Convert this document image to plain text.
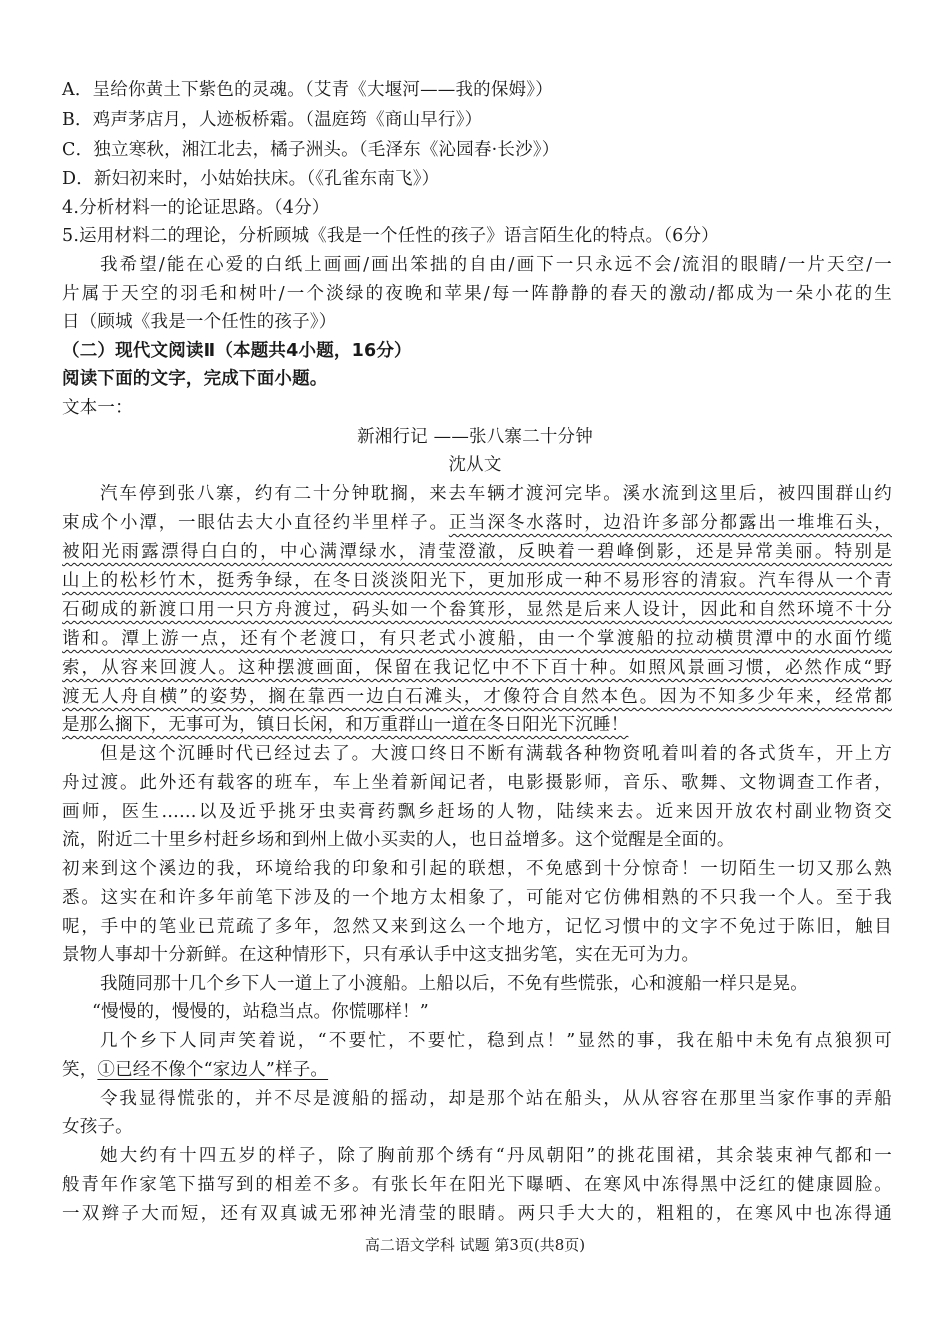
A．呈给你黄土下紫色的灵魂。（艾青《大堰河——我的保姆》）
B．鸡声茅店月，人迹板桥霜。（温庭筠《商山早行》）
C．独立寒秋，湘江北去，橘子洲头。（毛泽东《沁园春·长沙》）
D．新妇初来时，小姑始扶床。（《孔雀东南飞》）
4.分析材料一的论证思路。（4分）
5.运用材料二的理论，分析顾城《我是一个任性的孩子》语言陌生化的特点。（6分）
我希望/能在心爱的白纸上画画/画出笨拙的自由/画下一只永远不会/流泪的眼睛/一片天空/一
片属于天空的羽毛和树叶/一个淡绿的夜晚和苹果/每一阵静静的春天的激动/都成为一朵小花的生
日（顾城《我是一个任性的孩子》）
（二）现代文阅读Ⅱ（本题共4小题，16分）
阅读下面的文字，完成下面小题。
文本一：
新湘行记 ——张八寨二十分钟
沈从文
汽车停到张八寨，约有二十分钟耽搁，来去车辆才渡河完毕。溪水流到这里后，被四围群山约
束成个小潭，一眼估去大小直径约半里样子。正当深冬水落时，边沿许多部分都露出一堆堆石头，
被阳光雨露漂得白白的，中心满潭绿水，清莹澄澈，反映着一碧峰倒影，还是异常美丽。特别是
山上的松杉竹木，挺秀争绿，在冬日淡淡阳光下，更加形成一种不易形容的清寂。汽车得从一个青
石砌成的新渡口用一只方舟渡过，码头如一个畚箕形，显然是后来人设计，因此和自然环境不十分
谐和。潭上游一点，还有个老渡口，有只老式小渡船，由一个掌渡船的拉动横贯潭中的水面竹缆
索，从容来回渡人。这种摆渡画面，保留在我记忆中不下百十种。如照风景画习惯，必然作成“野
渡无人舟自横”的姿势，搁在靠西一边白石滩头，才像符合自然本色。因为不知多少年来，经常都
是那么搁下，无事可为，镇日长闲，和万重群山一道在冬日阳光下沉睡！
但是这个沉睡时代已经过去了。大渡口终日不断有满载各种物资吼着叫着的各式货车，开上方
舟过渡。此外还有载客的班车，车上坐着新闻记者，电影摄影师，音乐、歌舞、文物调查工作者，
画师，医生……以及近乎挑牙虫卖膏药飘乡赶场的人物，陆续来去。近来因开放农村副业物资交
流，附近二十里乡村赶乡场和到州上做小买卖的人，也日益增多。这个觉醒是全面的。
初来到这个溪边的我，环境给我的印象和引起的联想，不免感到十分惊奇！一切陌生一切又那么熟
悉。这实在和许多年前笔下涉及的一个地方太相象了，可能对它仿佛相熟的不只我一个人。至于我
呢，手中的笔业已荒疏了多年，忽然又来到这么一个地方，记忆习惯中的文字不免过于陈旧，触目
景物人事却十分新鲜。在这种情形下，只有承认手中这支拙劣笔，实在无可为力。
我随同那十几个乡下人一道上了小渡船。上船以后，不免有些慌张，心和渡船一样只是晃。
“慢慢的，慢慢的，站稳当点。你慌哪样！”
几个乡下人同声笑着说，“不要忙，不要忙，稳到点！”显然的事，我在船中未免有点狼狈可
笑，①已经不像个“家边人”样子。
令我显得慌张的，并不尽是渡船的摇动，却是那个站在船头，从从容容在那里当家作事的弄船
女孩子。
她大约有十四五岁的样子，除了胸前那个绣有“丹凤朝阳”的挑花围裙，其余装束神气都和一
般青年作家笔下描写到的相差不多。有张长年在阳光下曝晒、在寒风中冻得黑中泛红的健康圆脸。
一双辫子大而短，还有双真诚无邪神光清莹的眼睛。两只手大大的，粗粗的，在寒风中也冻得通
高二语文学科 试题 第3页(共8页)
